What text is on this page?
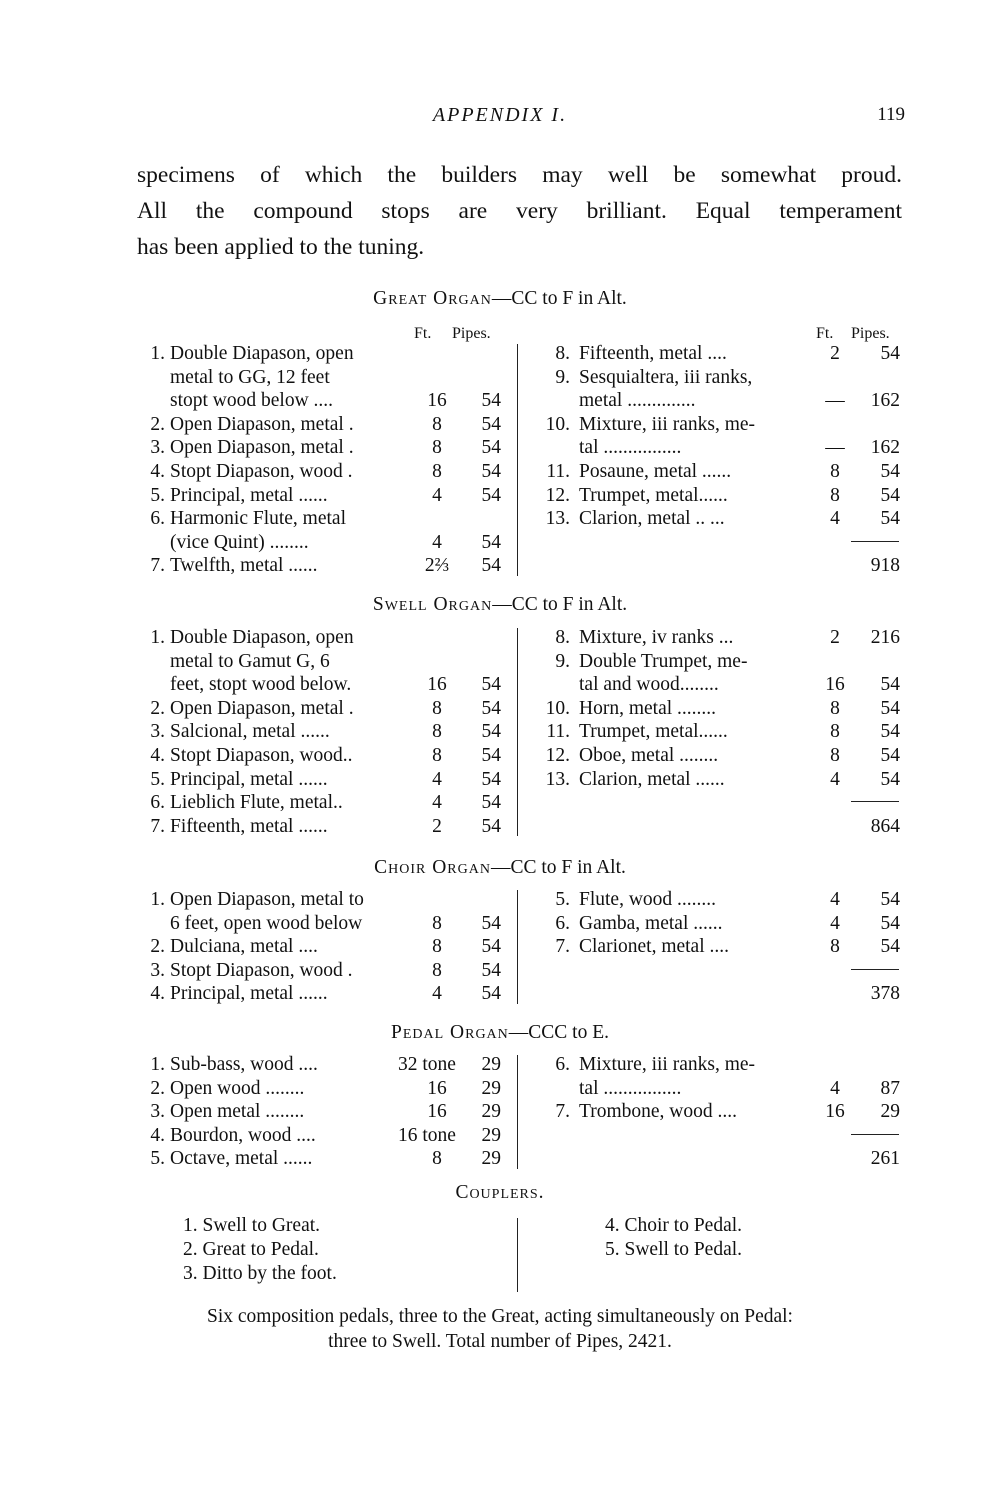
APPENDIX I.	119
specimens of which the builders may well be somewhat proud.
All the compound stops are very brilliant. Equal temperament
has been applied to the tuning.
Great Organ—CC to F in Alt.
Ft. Pipes.	Ft. Pipes.
1. Double Diapason, open
metal to GG, 12 feet
stopt wood below ....	16	54
2. Open Diapason, metal .	8	54
3. Open Diapason, metal .	8	54
4. Stopt Diapason, wood .	8	54
5. Principal, metal ......	4	54
6. Harmonic Flute, metal
(vice Quint) ........	4	54
7. Twelfth, metal ......	2⅔	54
8. Fifteenth, metal ....	2	54
9. Sesquialtera, iii ranks,
metal ..............	—	162
10. Mixture, iii ranks, me-
tal ................	—	162
11. Posaune, metal ......	8	54
12. Trumpet, metal......	8	54
13. Clarion, metal .. ...	4	54
918
Swell Organ—CC to F in Alt.
1. Double Diapason, open
metal to Gamut G, 6
feet, stopt wood below.	16	54
2. Open Diapason, metal .	8	54
3. Salcional, metal ......	8	54
4. Stopt Diapason, wood..	8	54
5. Principal, metal ......	4	54
6. Lieblich Flute, metal..	4	54
7. Fifteenth, metal ......	2	54
8. Mixture, iv ranks ...	2	216
9. Double Trumpet, me-
tal and wood........	16	54
10. Horn, metal ........	8	54
11. Trumpet, metal......	8	54
12. Oboe, metal ........	8	54
13. Clarion, metal ......	4	54
864
Choir Organ—CC to F in Alt.
1. Open Diapason, metal to
6 feet, open wood below	8	54
2. Dulciana, metal ....	8	54
3. Stopt Diapason, wood .	8	54
4. Principal, metal ......	4	54
5. Flute, wood ........	4	54
6. Gamba, metal ......	4	54
7. Clarionet, metal ....	8	54
378
Pedal Organ—CCC to E.
1. Sub-bass, wood ....	32 tone	29
2. Open wood ........	16	29
3. Open metal ........	16	29
4. Bourdon, wood ....	16 tone	29
5. Octave, metal ......	8	29
6. Mixture, iii ranks, me-
tal ................	4	87
7. Trombone, wood ....	16	29
261
Couplers.
1. Swell to Great.
2. Great to Pedal.
3. Ditto by the foot.
4. Choir to Pedal.
5. Swell to Pedal.
Six composition pedals, three to the Great, acting simultaneously on Pedal:
three to Swell. Total number of Pipes, 2421.
